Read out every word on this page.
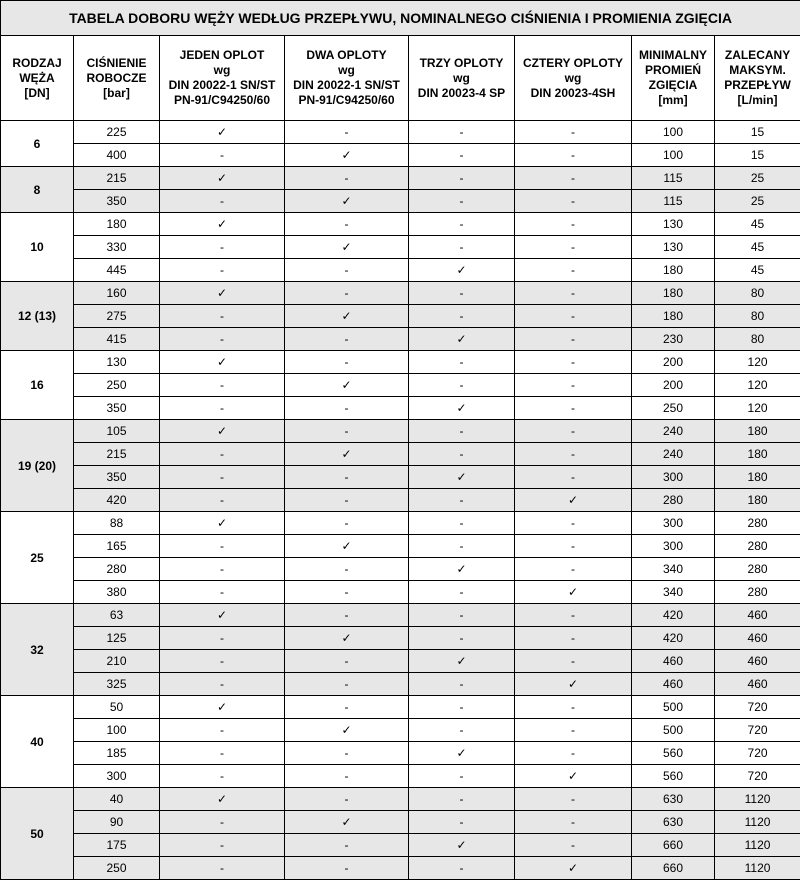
TABELA DOBORU WĘŻY WEDŁUG PRZEPŁYWU, NOMINALNEGO CIŚNIENIA I PROMIENIA ZGIĘCIA							

RODZAJ
WĘŻA
[DN]	CIŚNIENIE
ROBOCZE
[bar]	JEDEN OPLOT
wg
DIN 20022-1 SN/ST
PN-91/C94250/60	DWA OPLOTY
wg
DIN 20022-1 SN/ST
PN-91/C94250/60	TRZY OPLOTY
wg
DIN 20023-4 SP	CZTERY OPLOTY
wg
DIN 20023-4SH	MINIMALNY
PROMIEŃ
ZGIĘCIA
[mm]	ZALECANY
MAKSYM.
PRZEPŁYW
[L/min]

6	225	✓	-	-	-	100	15
	400	-	✓	-	-	100	15
8	215	✓	-	-	-	115	25
	350	-	✓	-	-	115	25
10	180	✓	-	-	-	130	45
	330	-	✓	-	-	130	45
	445	-	-	✓	-	180	45
12 (13)	160	✓	-	-	-	180	80
	275	-	✓	-	-	180	80
	415	-	-	✓	-	230	80
16	130	✓	-	-	-	200	120
	250	-	✓	-	-	200	120
	350	-	-	✓	-	250	120
19 (20)	105	✓	-	-	-	240	180
	215	-	✓	-	-	240	180
	350	-	-	✓	-	300	180
	420	-	-	-	✓	280	180
25	88	✓	-	-	-	300	280
	165	-	✓	-	-	300	280
	280	-	-	✓	-	340	280
	380	-	-	-	✓	340	280
32	63	✓	-	-	-	420	460
	125	-	✓	-	-	420	460
	210	-	-	✓	-	460	460
	325	-	-	-	✓	460	460
40	50	✓	-	-	-	500	720
	100	-	✓	-	-	500	720
	185	-	-	✓	-	560	720
	300	-	-	-	✓	560	720
50	40	✓	-	-	-	630	1120
	90	-	✓	-	-	630	1120
	175	-	-	✓	-	660	1120
	250	-	-	-	✓	660	1120
